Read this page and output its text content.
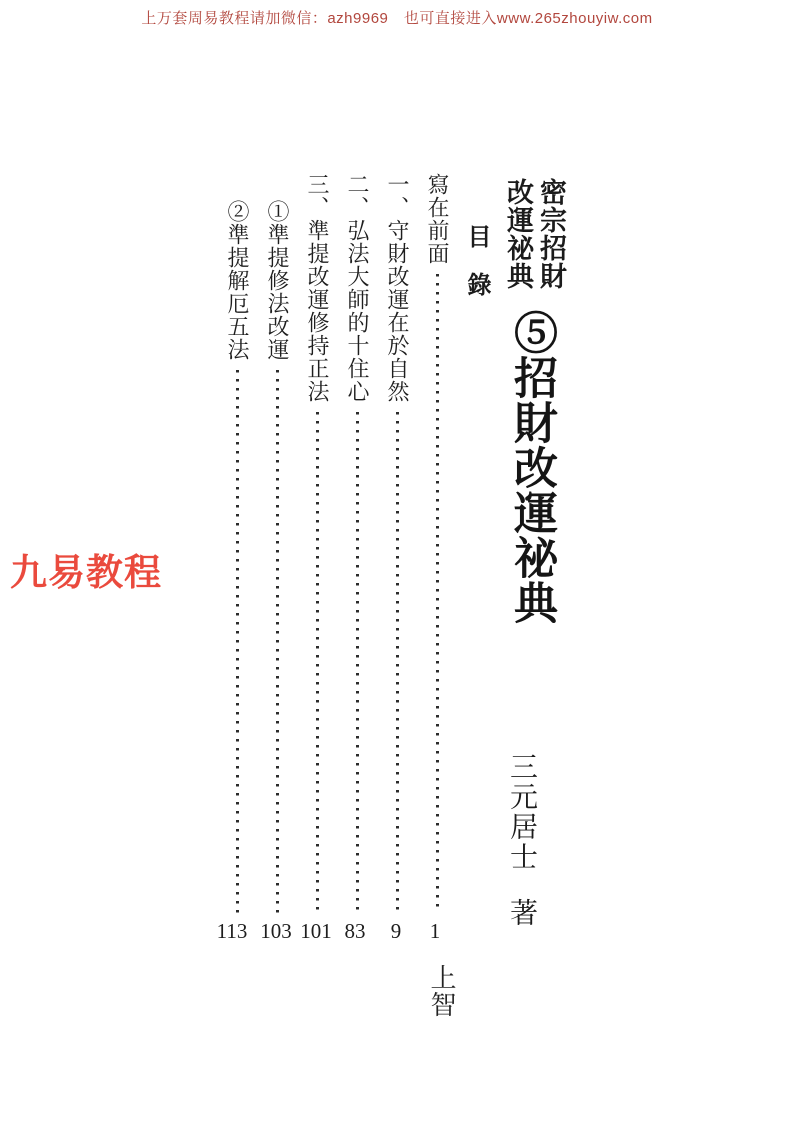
上万套周易教程请加微信：azh9969　也可直接进入www.265zhouyiw.com
九易教程
密宗招財
改運祕典
⑤招財改運祕典
三元居士著
上智
目　錄
寫在前面
一、守財改運在於自然
二、弘法大師的十住心
三、準提改運修持正法
①準提修法改運
②準提解厄五法
1
9
83
101
103
113
